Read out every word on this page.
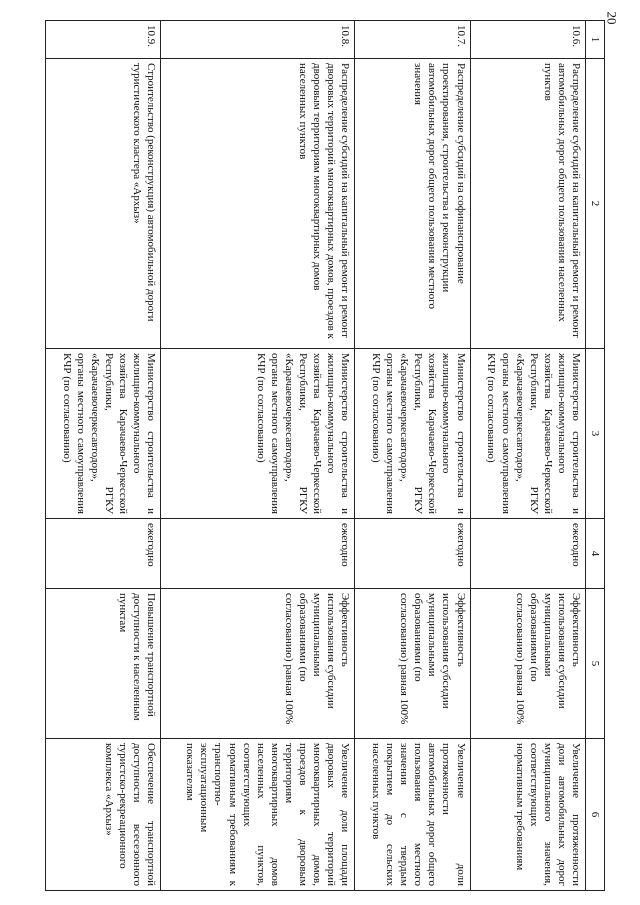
20
1	2	3	4	5	6
10.6.	Распределение субсидий на капитальный ремонт и ремонт автомобильных дорог общего пользования населенных пунктов	Министерство строительства и жилищно-коммунального хозяйства Карачаево-Черкесской Республики, РГКУ «Карачаевочеркесавтодор», органы местного самоуправления КЧР (по согласованию)	ежегодно	Эффективность использования субсидии муниципальными образованиями (по согласованию) равная 100%	Увеличение протяженности доли автомобильных дорог муниципального значения, соответствующих нормативным требованиям
10.7.	Распределение субсидий на софинансирование проектирования, строительства и реконструкции автомобильных дорог общего пользования местного значения	Министерство строительства и жилищно-коммунального хозяйства Карачаево-Черкесской Республики, РГКУ «Карачаевочеркесавтодор», органы местного самоуправления КЧР (по согласованию)	ежегодно	Эффективность использования субсидии муниципальными образованиями (по согласованию) равная 100%	Увеличение доли протяженности автомобильных дорог общего пользования местного значения с твердым покрытием до сельских населенных пунктов
10.8.	Распределение субсидий на капитальный ремонт и ремонт дворовых территорий многоквартирных домов, проездов к дворовым территориям многоквартирных домов населенных пунктов	Министерство строительства и жилищно-коммунального хозяйства Карачаево-Черкесской Республики, РГКУ «Карачаевочеркесавтодор», органы местного самоуправления КЧР (по согласованию)	ежегодно	Эффективность использования субсидии муниципальными образованиями (по согласованию) равная 100%	Увеличение доли площади дворовых территорий многоквартирных домов, проездов к дворовым территориям многоквартирных домов населенных пунктов, соответствующих нормативным требованиям к транспортно-эксплуатационным показателям
10.9.	Строительство (реконструкция) автомобильной дороги туристического кластера «Архыз»	Министерство строительства и жилищно-коммунального хозяйства Карачаево-Черкесской Республики, РГКУ «Карачаевочеркесавтодор», органы местного самоуправления КЧР (по согласованию)	ежегодно	Повышение транспортной доступности к населенным пунктам	Обеспечение транспортной доступности всесезонного туристско-рекреационного комплекса «Архыз»
